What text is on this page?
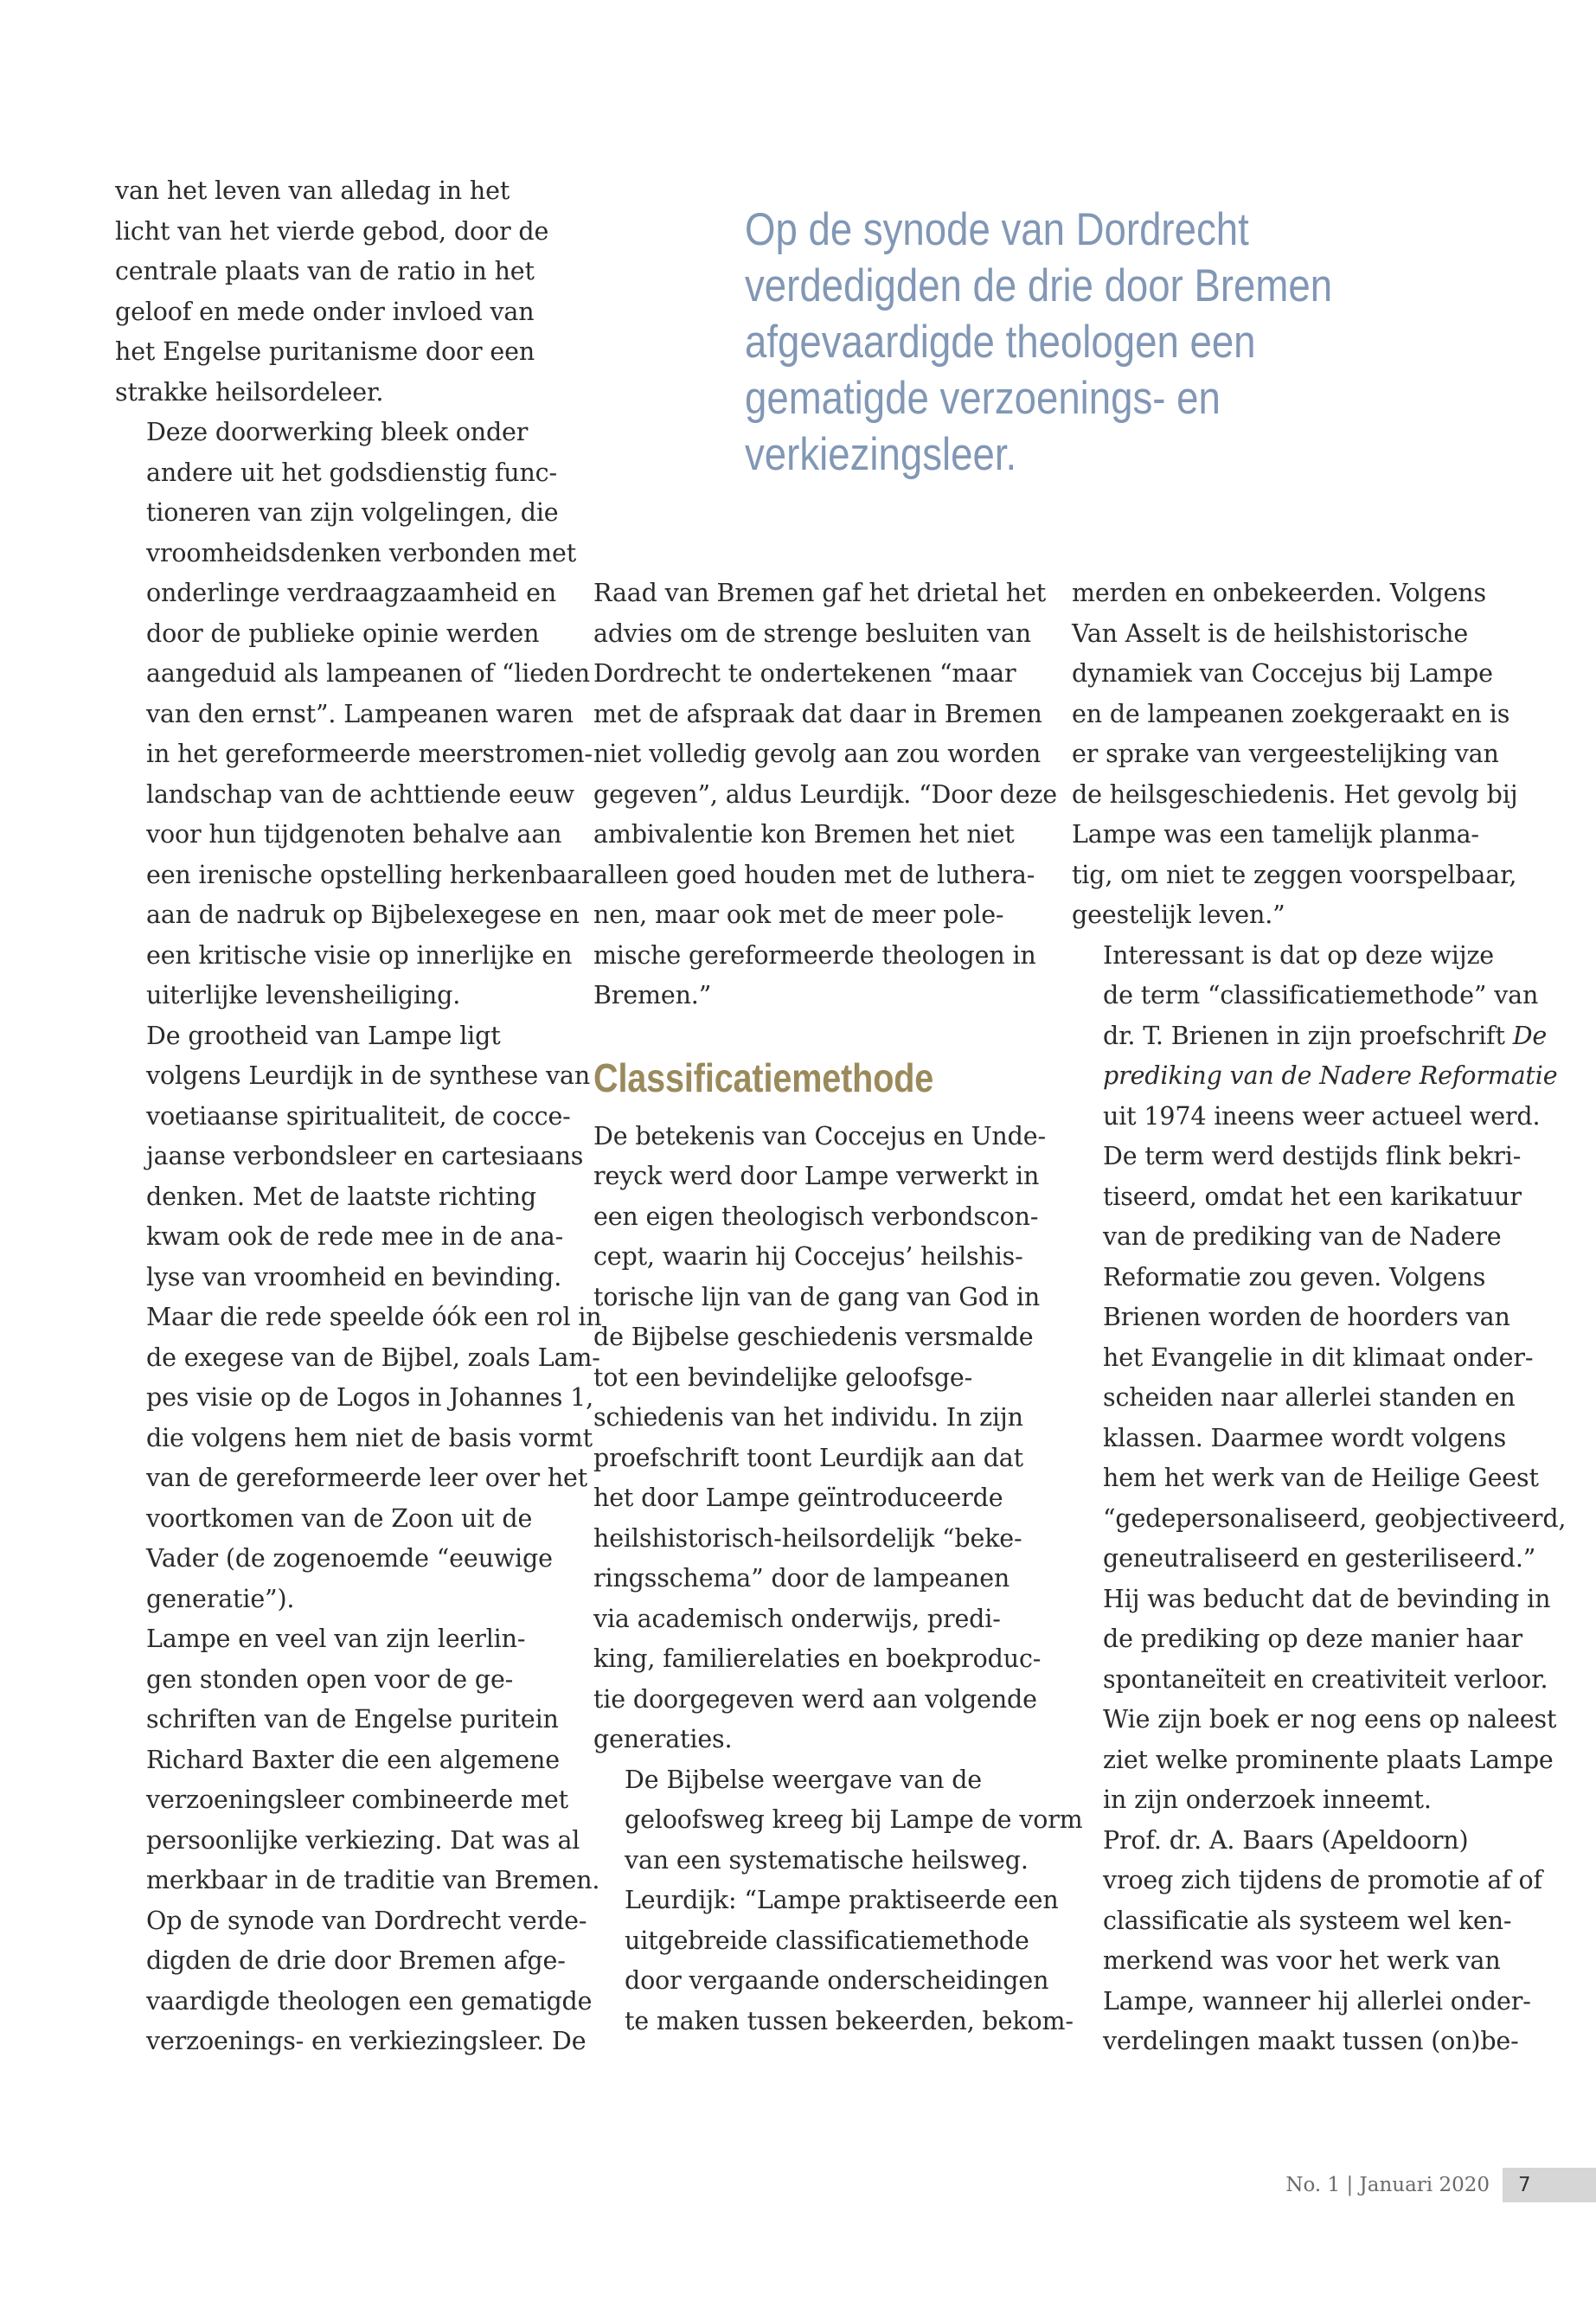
van het leven van alledag in het
licht van het vierde gebod, door de
centrale plaats van de ratio in het
geloof en mede onder invloed van
het Engelse puritanisme door een
strakke heilsordeleer.

Deze doorwerking bleek onder
andere uit het godsdienstig func-
tioneren van zijn volgelingen, die
vroomheidsdenken verbonden met
onderlinge verdraagzaamheid en
door de publieke opinie werden
aangeduid als lampeanen of “lieden
van den ernst”. Lampeanen waren
in het gereformeerde meerstromen-
landschap van de achttiende eeuw
voor hun tijdgenoten behalve aan
een irenische opstelling herkenbaar
aan de nadruk op Bijbelexegese en
een kritische visie op innerlijke en
uiterlijke levensheiliging.

De grootheid van Lampe ligt
volgens Leurdijk in de synthese van
voetiaanse spiritualiteit, de cocce-
jaanse verbondsleer en cartesiaans
denken. Met de laatste richting
kwam ook de rede mee in de ana-
lyse van vroomheid en bevinding.
Maar die rede speelde óók een rol in
de exegese van de Bijbel, zoals Lam-
pes visie op de Logos in Johannes 1,
die volgens hem niet de basis vormt
van de gereformeerde leer over het
voortkomen van de Zoon uit de
Vader (de zogenoemde “eeuwige
generatie”).

Lampe en veel van zijn leerlin-
gen stonden open voor de ge-
schriften van de Engelse puritein
Richard Baxter die een algemene
verzoeningsleer combineerde met
persoonlijke verkiezing. Dat was al
merkbaar in de traditie van Bremen.
Op de synode van Dordrecht verde-
digden de drie door Bremen afge-
vaardigde theologen een gematigde
verzoenings- en verkiezingsleer. De

Op de synode van Dordrecht
verdedigden de drie door Bremen
afgevaardigde theologen een
gematigde verzoenings- en
verkiezingsleer.

Raad van Bremen gaf het drietal het
advies om de strenge besluiten van
Dordrecht te ondertekenen “maar
met de afspraak dat daar in Bremen
niet volledig gevolg aan zou worden
gegeven”, aldus Leurdijk. “Door deze
ambivalentie kon Bremen het niet
alleen goed houden met de luthera-
nen, maar ook met de meer pole-
mische gereformeerde theologen in
Bremen.”

Classificatiemethode

De betekenis van Coccejus en Unde-
reyck werd door Lampe verwerkt in
een eigen theologisch verbondscon-
cept, waarin hij Coccejus’ heilshis-
torische lijn van de gang van God in
de Bijbelse geschiedenis versmalde
tot een bevindelijke geloofsge-
schiedenis van het individu. In zijn
proefschrift toont Leurdijk aan dat
het door Lampe geïntroduceerde
heilshistorisch-heilsordelijk “beke-
ringsschema” door de lampeanen
via academisch onderwijs, predi-
king, familierelaties en boekproduc-
tie doorgegeven werd aan volgende
generaties.

De Bijbelse weergave van de
geloofsweg kreeg bij Lampe de vorm
van een systematische heilsweg.
Leurdijk: “Lampe praktiseerde een
uitgebreide classificatiemethode
door vergaande onderscheidingen
te maken tussen bekeerden, bekom-

merden en onbekeerden. Volgens
Van Asselt is de heilshistorische
dynamiek van Coccejus bij Lampe
en de lampeanen zoekgeraakt en is
er sprake van vergeestelijking van
de heilsgeschiedenis. Het gevolg bij
Lampe was een tamelijk planma-
tig, om niet te zeggen voorspelbaar,
geestelijk leven.”

Interessant is dat op deze wijze
de term “classificatiemethode” van
dr. T. Brienen in zijn proefschrift De
prediking van de Nadere Reformatie
uit 1974 ineens weer actueel werd.
De term werd destijds flink bekri-
tiseerd, omdat het een karikatuur
van de prediking van de Nadere
Reformatie zou geven. Volgens
Brienen worden de hoorders van
het Evangelie in dit klimaat onder-
scheiden naar allerlei standen en
klassen. Daarmee wordt volgens
hem het werk van de Heilige Geest
“gedepersonaliseerd, geobjectiveerd,
geneutraliseerd en gesteriliseerd.”
Hij was beducht dat de bevinding in
de prediking op deze manier haar
spontaneïteit en creativiteit verloor.
Wie zijn boek er nog eens op naleest
ziet welke prominente plaats Lampe
in zijn onderzoek inneemt.

Prof. dr. A. Baars (Apeldoorn)
vroeg zich tijdens de promotie af of
classificatie als systeem wel ken-
merkend was voor het werk van
Lampe, wanneer hij allerlei onder-
verdelingen maakt tussen (on)be-

No. 1 | Januari 2020	7
